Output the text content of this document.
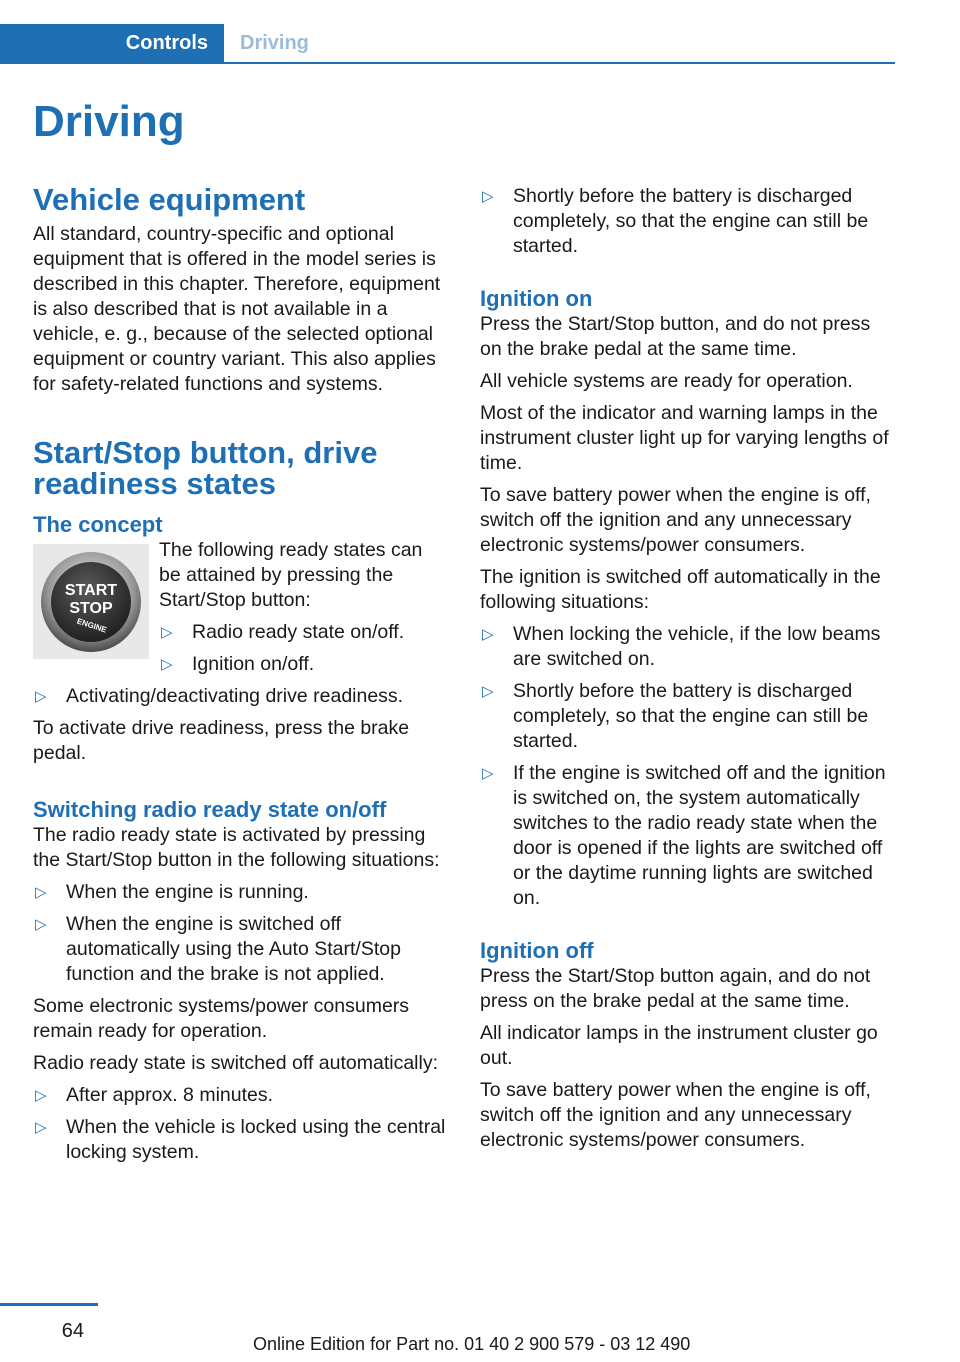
Controls Driving
Driving
Vehicle equipment

All standard, country-specific and optional equipment that is offered in the model series is described in this chapter. Therefore, equipment is also described that is not available in a vehicle, e. g., because of the selected optional equipment or country variant. This also applies for safety-related functions and systems.

Start/Stop button, drive readiness states
The concept
START
STOP
ENGINE

The following ready states can be attained by pressing the Start/Stop button:

▷ Radio ready state on/off.
▷ Ignition on/off.
▷ Activating/deactivating drive readiness.

To activate drive readiness, press the brake pedal.

Switching radio ready state on/off

The radio ready state is activated by pressing the Start/Stop button in the following situations:

▷ When the engine is running.
▷ When the engine is switched off automatically using the Auto Start/Stop function and the brake is not applied.

Some electronic systems/power consumers remain ready for operation.

Radio ready state is switched off automatically:

▷ After approx. 8 minutes.
▷ When the vehicle is locked using the central locking system.
▷ Shortly before the battery is discharged completely, so that the engine can still be started.
Ignition on

Press the Start/Stop button, and do not press on the brake pedal at the same time.

All vehicle systems are ready for operation.

Most of the indicator and warning lamps in the instrument cluster light up for varying lengths of time.

To save battery power when the engine is off, switch off the ignition and any unnecessary electronic systems/power consumers.

The ignition is switched off automatically in the following situations:

▷ When locking the vehicle, if the low beams are switched on.
▷ Shortly before the battery is discharged completely, so that the engine can still be started.
▷ If the engine is switched off and the ignition is switched on, the system automatically switches to the radio ready state when the door is opened if the lights are switched off or the daytime running lights are switched on.
Ignition off

Press the Start/Stop button again, and do not press on the brake pedal at the same time.

All indicator lamps in the instrument cluster go out.

To save battery power when the engine is off, switch off the ignition and any unnecessary electronic systems/power consumers.

64
Online Edition for Part no. 01 40 2 900 579 - 03 12 490
